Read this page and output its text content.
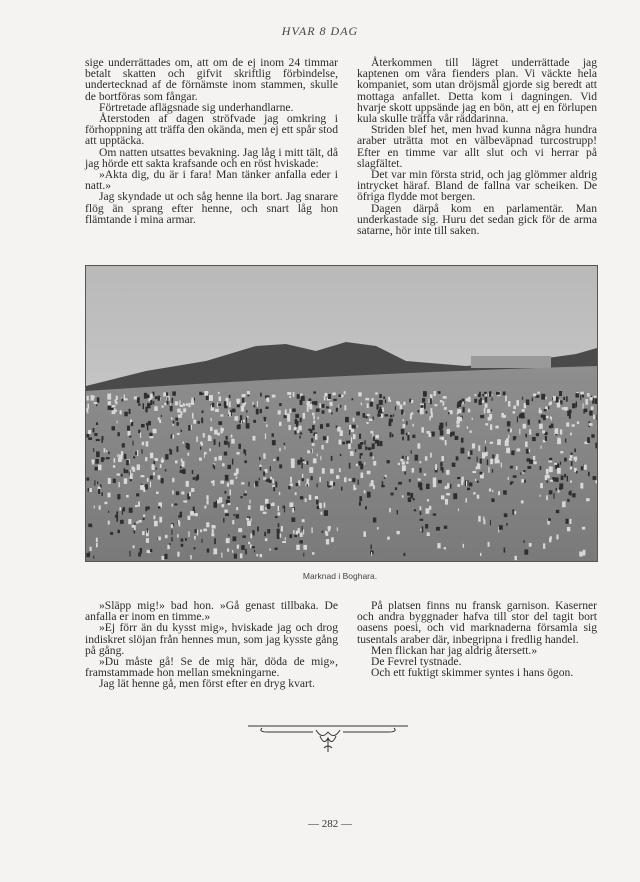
HVAR 8 DAG

sige underrättades om, att om de ej inom 24 timmar betalt skatten och gifvit skriftlig förbindelse, undertecknad af de förnämste inom stammen, skulle de bortföras som fångar.

Förtretade aflägsnade sig underhandlarne.

Återstoden af dagen ströfvade jag omkring i förhoppning att träffa den okända, men ej ett spår stod att upptäcka.

Om natten utsattes bevakning. Jag låg i mitt tält, då jag hörde ett sakta krafsande och en röst hviskade:

»Akta dig, du är i fara! Man tänker anfalla eder i natt.»

Jag skyndade ut och såg henne ila bort. Jag snarare flög än sprang efter henne, och snart låg hon flämtande i mina armar.

Återkommen till lägret underrättade jag kaptenen om våra fienders plan. Vi väckte hela kompaniet, som utan dröjsmål gjorde sig beredt att mottaga anfallet. Detta kom i dagningen. Vid hvarje skott uppsände jag en bön, att ej en förlupen kula skulle träffa vår räddarinna.

Striden blef het, men hvad kunna några hundra araber uträtta mot en välbeväpnad turcostrupp! Efter en timme var allt slut och vi herrar på slagfältet.

Det var min första strid, och jag glömmer aldrig intrycket häraf. Bland de fallna var scheiken. De öfriga flydde mot bergen.

Dagen därpå kom en parlamentär. Man underkastade sig. Huru det sedan gick för de arma satarne, hör inte till saken.

Marknad i Boghara.

»Släpp mig!» bad hon. »Gå genast tillbaka. De anfalla er inom en timme.»

»Ej förr än du kysst mig», hviskade jag och drog indiskret slöjan från hennes mun, som jag kysste gång på gång.

»Du måste gå! Se de mig här, döda de mig», framstammade hon mellan smekningarne.

Jag lät henne gå, men först efter en dryg kvart.

På platsen finns nu fransk garnison. Kaserner och andra byggnader hafva till stor del tagit bort oasens poesi, och vid marknaderna församla sig tusentals araber där, inbegripna i fredlig handel.

Men flickan har jag aldrig återsett.»

De Fevrel tystnade.

Och ett fuktigt skimmer syntes i hans ögon.

— 282 —
